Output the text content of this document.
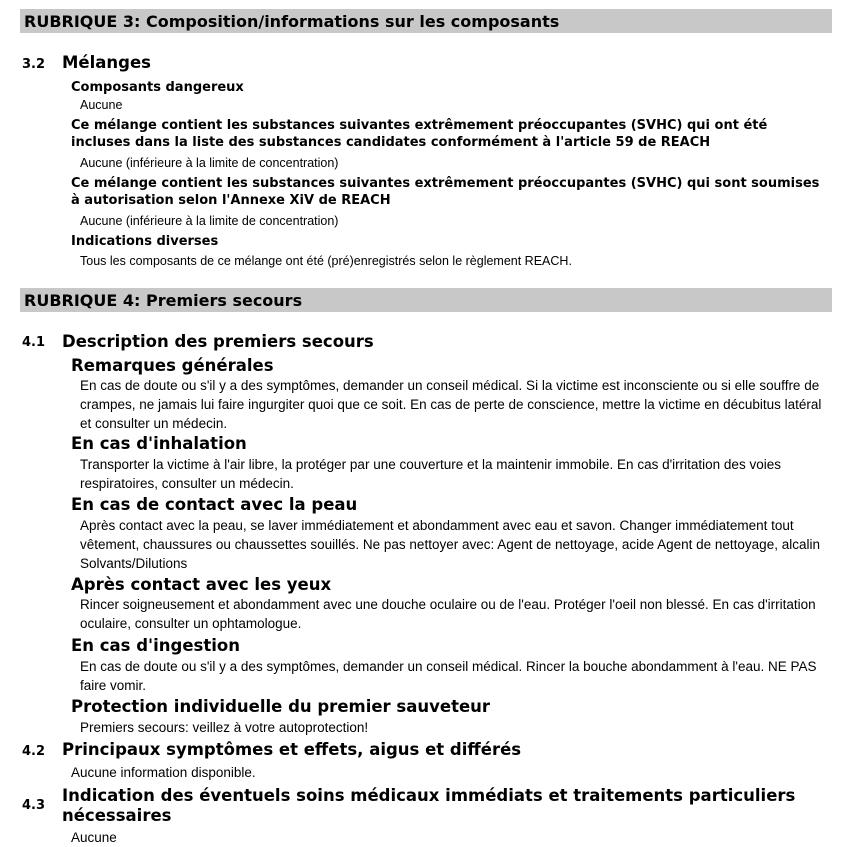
RUBRIQUE 3: Composition/informations sur les composants
3.2 Mélanges
Composants dangereux
Aucune
Ce mélange contient les substances suivantes extrêmement préoccupantes (SVHC) qui ont été incluses dans la liste des substances candidates conformément à l'article 59 de REACH
Aucune (inférieure à la limite de concentration)
Ce mélange contient les substances suivantes extrêmement préoccupantes (SVHC) qui sont soumises à autorisation selon l'Annexe XiV de REACH
Aucune (inférieure à la limite de concentration)
Indications diverses
Tous les composants de ce mélange ont été (pré)enregistrés selon le règlement REACH.
RUBRIQUE 4: Premiers secours
4.1 Description des premiers secours
Remarques générales
En cas de doute ou s'il y a des symptômes, demander un conseil médical. Si la victime est inconsciente ou si elle souffre de crampes, ne jamais lui faire ingurgiter quoi que ce soit. En cas de perte de conscience, mettre la victime en décubitus latéral et consulter un médecin.
En cas d'inhalation
Transporter la victime à l'air libre, la protéger par une couverture et la maintenir immobile. En cas d'irritation des voies respiratoires, consulter un médecin.
En cas de contact avec la peau
Après contact avec la peau, se laver immédiatement et abondamment avec eau et savon. Changer immédiatement tout vêtement, chaussures ou chaussettes souillés. Ne pas nettoyer avec: Agent de nettoyage, acide Agent de nettoyage, alcalin Solvants/Dilutions
Après contact avec les yeux
Rincer soigneusement et abondamment avec une douche oculaire ou de l'eau. Protéger l'oeil non blessé. En cas d'irritation oculaire, consulter un ophtamologue.
En cas d'ingestion
En cas de doute ou s'il y a des symptômes, demander un conseil médical. Rincer la bouche abondamment à l'eau. NE PAS faire vomir.
Protection individuelle du premier sauveteur
Premiers secours: veillez à votre autoprotection!
4.2 Principaux symptômes et effets, aigus et différés
Aucune information disponible.
4.3
Indication des éventuels soins médicaux immédiats et traitements particuliers nécessaires
Aucune
